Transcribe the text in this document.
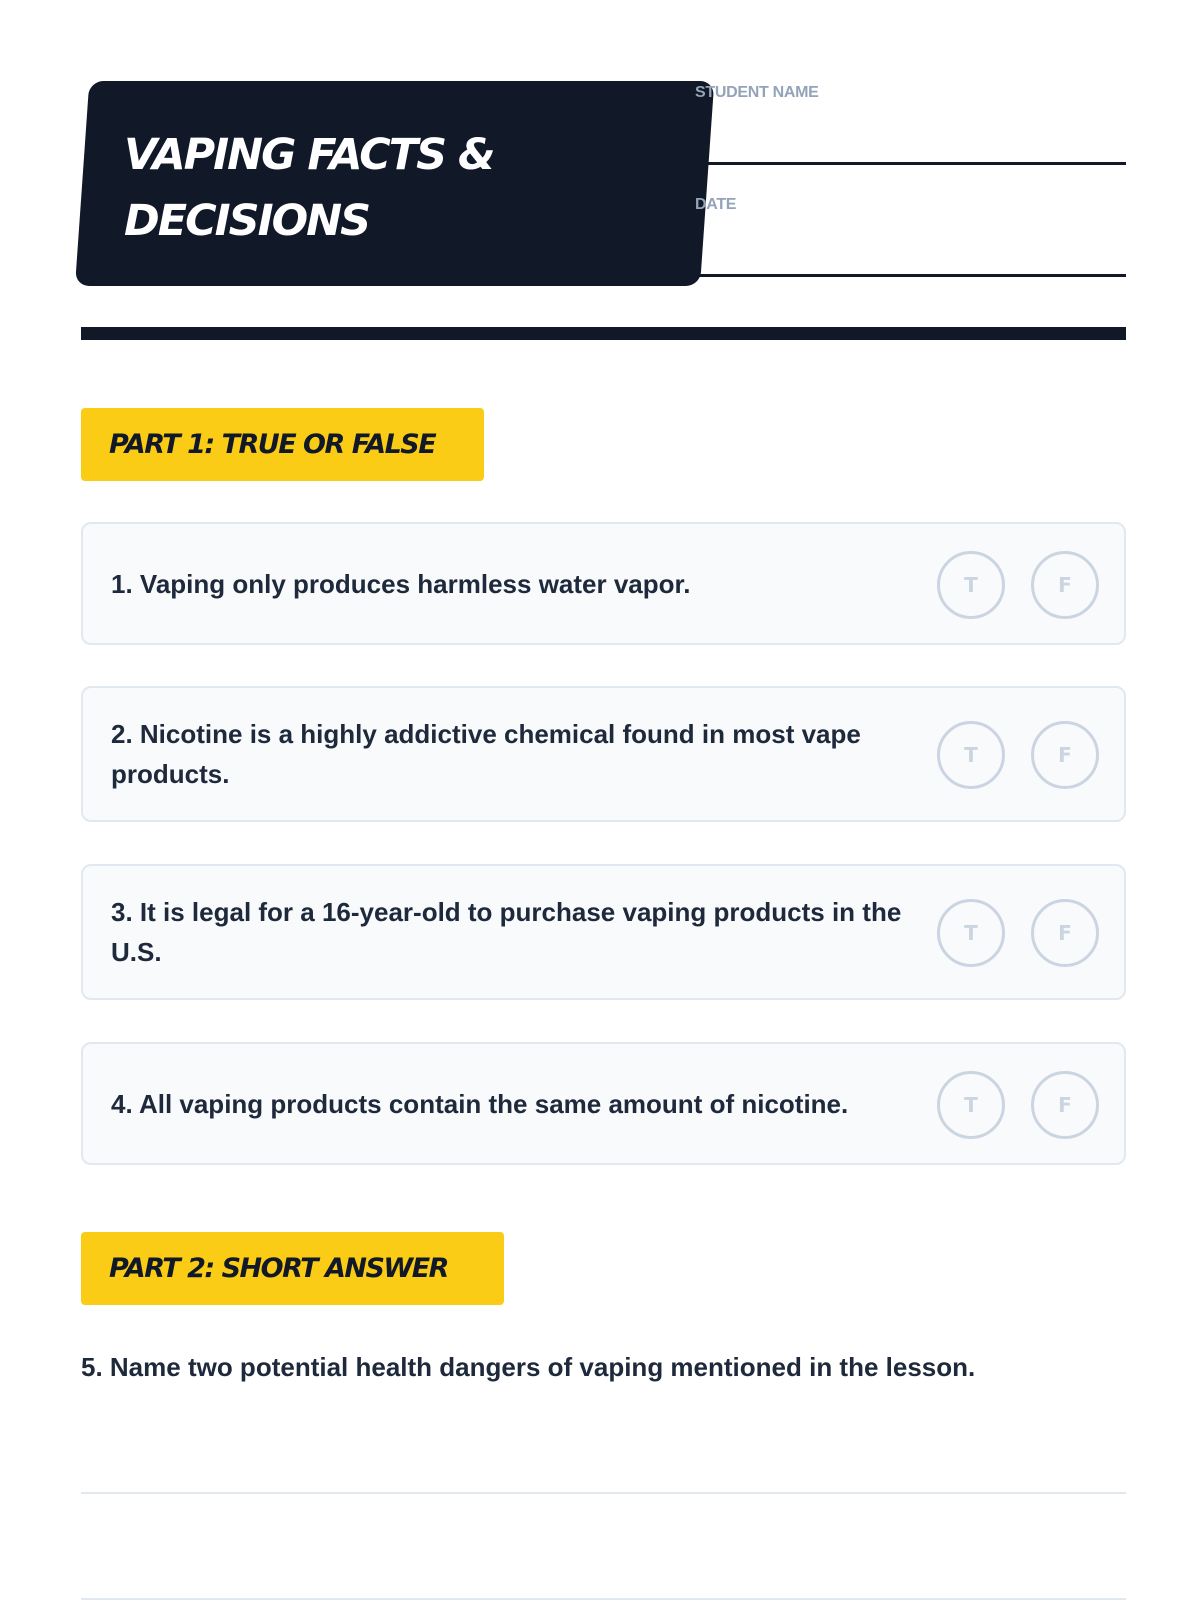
VAPING FACTS &
DECISIONS

STUDENT NAME

DATE

PART 1: TRUE OR FALSE

1. Vaping only produces harmless water vapor.	T	F

2. Nicotine is a highly addictive chemical found in most vape products.

T	F

3. It is legal for a 16-year-old to purchase vaping products in the U.S.

T	F

4. All vaping products contain the same amount of nicotine.	T	F
PART 2: SHORT ANSWER

5. Name two potential health dangers of vaping mentioned in the lesson.
